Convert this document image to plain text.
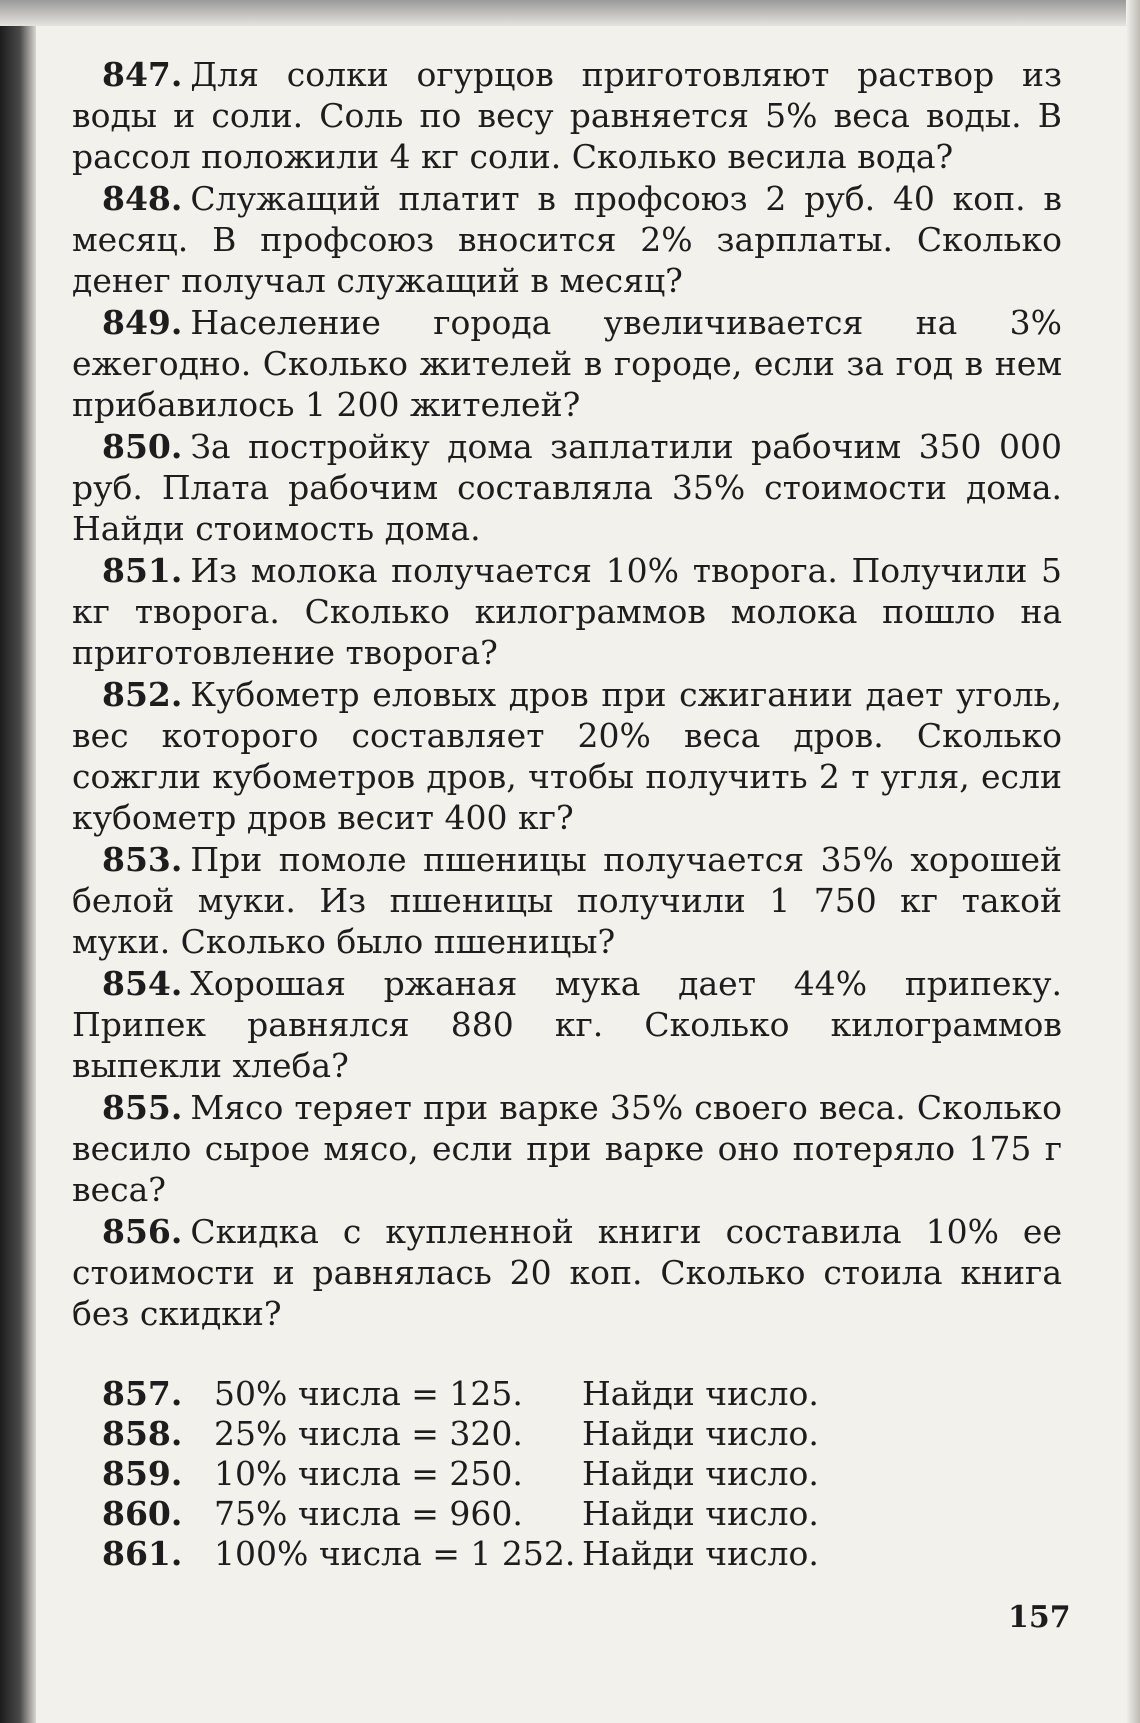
847. Для солки огурцов приготовляют раствор из воды и соли. Соль по весу равняется 5% веса воды. В рассол положили 4 кг соли. Сколько весила вода?

848. Служащий платит в профсоюз 2 руб. 40 коп. в месяц. В профсоюз вносится 2% зарплаты. Сколько денег получал служащий в месяц?

849. Население города увеличивается на 3% ежегодно. Сколько жителей в городе, если за год в нем прибавилось 1 200 жителей?

850. За постройку дома заплатили рабочим 350 000 руб. Плата рабочим составляла 35% стоимости дома. Найди стоимость дома.

851. Из молока получается 10% творога. Получили 5 кг творога. Сколько килограммов молока пошло на приготовление творога?

852. Кубометр еловых дров при сжигании дает уголь, вес которого составляет 20% веса дров. Сколько сожгли кубометров дров, чтобы получить 2 т угля, если кубометр дров весит 400 кг?

853. При помоле пшеницы получается 35% хорошей белой муки. Из пшеницы получили 1 750 кг такой муки. Сколько было пшеницы?

854. Хорошая ржаная мука дает 44% припеку. Припек равнялся 880 кг. Сколько килограммов выпекли хлеба?

855. Мясо теряет при варке 35% своего веса. Сколько весило сырое мясо, если при варке оно потеряло 175 г веса?

856. Скидка с купленной книги составила 10% ее стоимости и равнялась 20 коп. Сколько стоила книга без скидки?

857. 50% числа = 125.	Найди число.
858. 25% числа = 320.	Найди число.
859. 10% числа = 250.	Найди число.
860. 75% числа = 960.	Найди число.
861. 100% числа = 1 252. Найди число.
157
